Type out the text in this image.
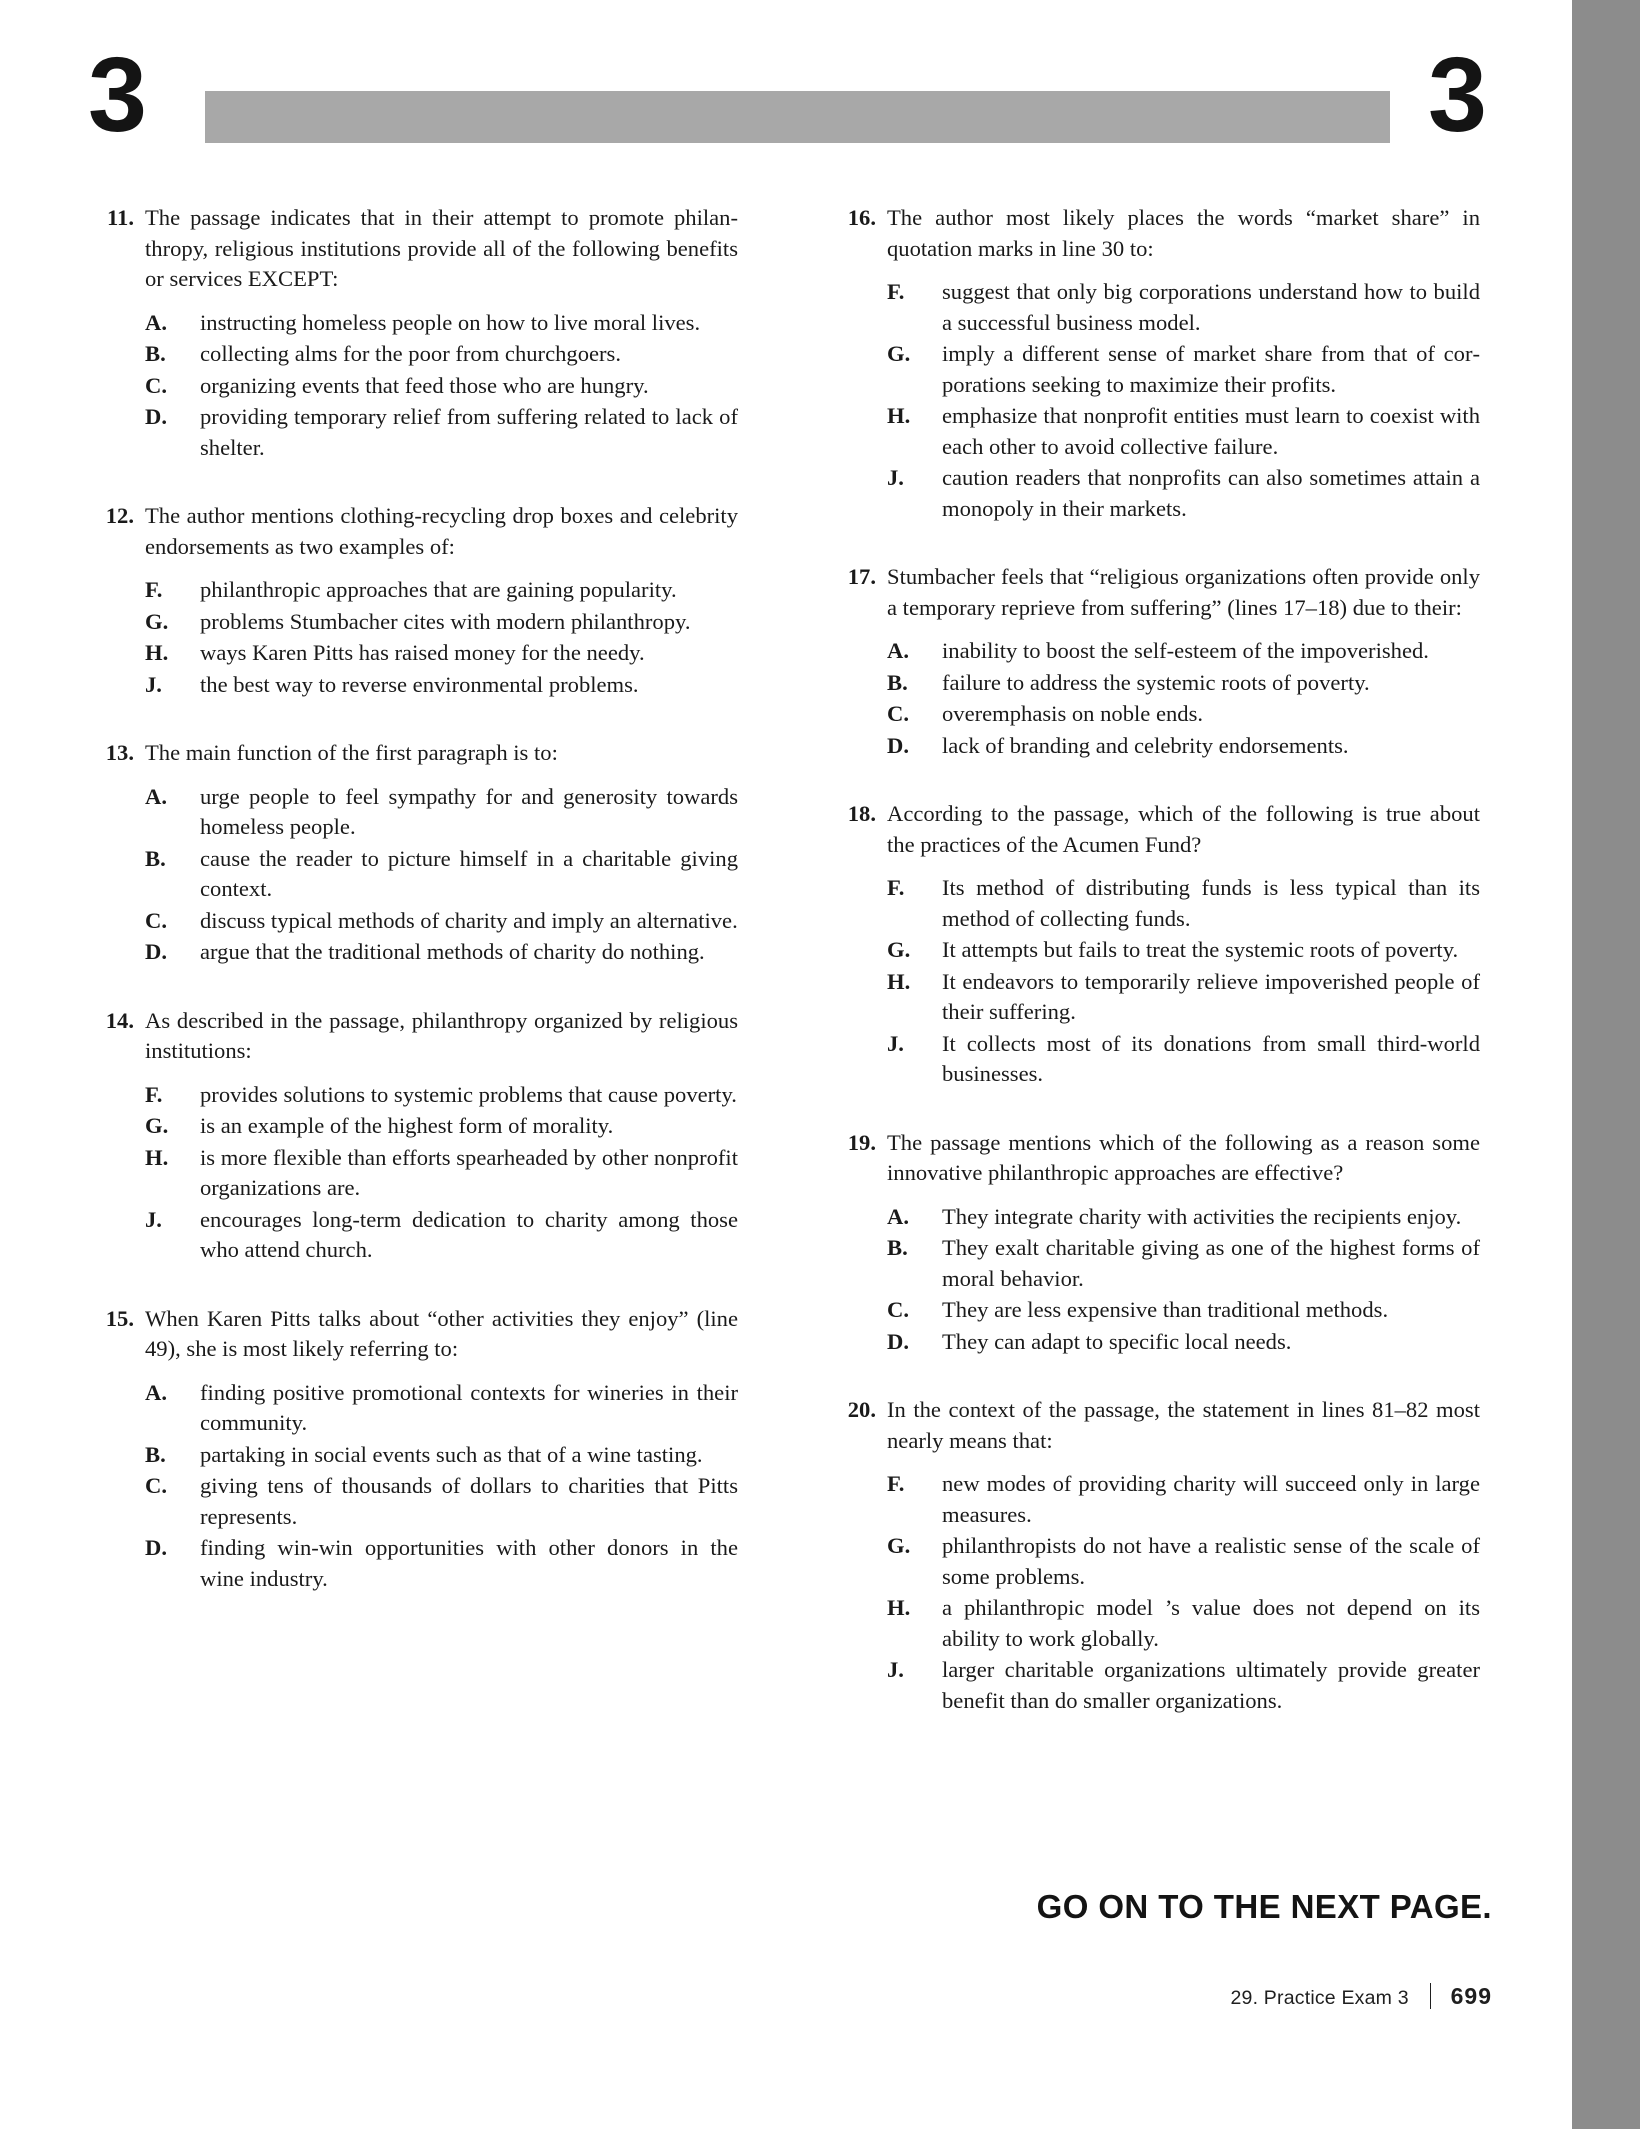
3	3
11. The passage indicates that in their attempt to promote philanthropy, religious institutions provide all of the following benefits or services EXCEPT:
A.	instructing homeless people on how to live moral lives.
B.	collecting alms for the poor from churchgoers.
C.	organizing events that feed those who are hungry.
D.	providing temporary relief from suffering related to lack of shelter.
12. The author mentions clothing-recycling drop boxes and celebrity endorsements as two examples of:
F.	philanthropic approaches that are gaining popularity.
G. problems Stumbacher cites with modern philanthropy.
H. ways Karen Pitts has raised money for the needy.
J.	the best way to reverse environmental problems.
13. The main function of the first paragraph is to:
A.	urge people to feel sympathy for and generosity towards homeless people.
B.	cause the reader to picture himself in a charitable giving context.
C.	discuss typical methods of charity and imply an alternative.
D.	argue that the traditional methods of charity do nothing.
14. As described in the passage, philanthropy organized by religious institutions:
F.	provides solutions to systemic problems that cause poverty.
G. is an example of the highest form of morality.
H. is more flexible than efforts spearheaded by other nonprofit organizations are.
J.	encourages long-term dedication to charity among those who attend church.
15. When Karen Pitts talks about “other activities they enjoy” (line 49), she is most likely referring to:
A.	finding positive promotional contexts for wineries in their community.
B.	partaking in social events such as that of a wine tasting.
C.	giving tens of thousands of dollars to charities that Pitts represents.
D.	finding win-win opportunities with other donors in the wine industry.
16. The author most likely places the words “market share” in quotation marks in line 30 to:
F.	suggest that only big corporations understand how to build a successful business model.
G. imply a different sense of market share from that of corporations seeking to maximize their profits.
H. emphasize that nonprofit entities must learn to coexist with each other to avoid collective failure.
J.	caution readers that nonprofits can also sometimes attain a monopoly in their markets.
17. Stumbacher feels that “religious organizations often provide only a temporary reprieve from suffering” (lines 17–18) due to their:
A.	inability to boost the self-esteem of the impoverished.
B.	failure to address the systemic roots of poverty.
C.	overemphasis on noble ends.
D.	lack of branding and celebrity endorsements.
18. According to the passage, which of the following is true about the practices of the Acumen Fund?
F.	Its method of distributing funds is less typical than its method of collecting funds.
G. It attempts but fails to treat the systemic roots of poverty.
H. It endeavors to temporarily relieve impoverished people of their suffering.
J.	It collects most of its donations from small third-world businesses.
19. The passage mentions which of the following as a reason some innovative philanthropic approaches are effective?
A.	They integrate charity with activities the recipients enjoy.
B.	They exalt charitable giving as one of the highest forms of moral behavior.
C.	They are less expensive than traditional methods.
D.	They can adapt to specific local needs.
20. In the context of the passage, the statement in lines 81–82 most nearly means that:
F.	new modes of providing charity will succeed only in large measures.
G. philanthropists do not have a realistic sense of the scale of some problems.
H. a philanthropic model ’s value does not depend on its ability to work globally.
J.	larger charitable organizations ultimately provide greater benefit than do smaller organizations.
GO ON TO THE NEXT PAGE.
29. Practice Exam 3 699
